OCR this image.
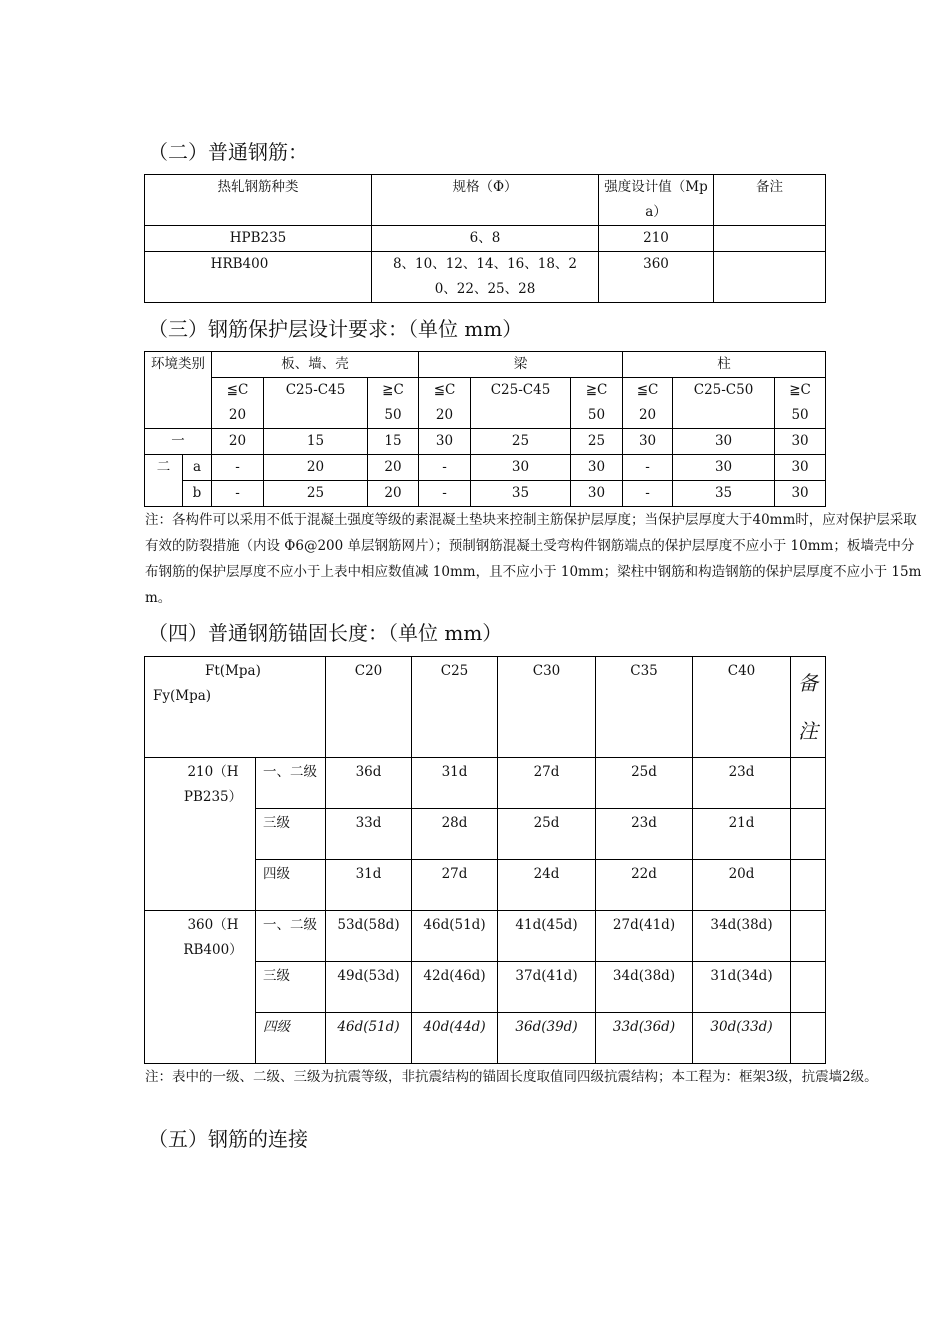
（二）普通钢筋：
热轧钢筋种类	规格（Φ）	强度设计值（Mpa）	备注
HPB235	6、8	210	
HRB400	8、10、12、14、16、18、20、22、25、28	360	
（三）钢筋保护层设计要求：（单位 mm）
环境类别		板、墙、壳			梁			柱		
		≦C20	C25-C45	≧C50	≦C20	C25-C45	≧C50	≦C20	C25-C50	≧C50
一		20	15	15	30	25	25	30	30	30
二	a	-	20	20	-	30	30	-	30	30
	b	-	25	20	-	35	30	-	35	30
注：各构件可以采用不低于混凝土强度等级的素混凝土垫块来控制主筋保护层厚度；当保护层厚度大于40mm时，应对保护层采取有效的防裂措施（内设 Φ6@200 单层钢筋网片）；预制钢筋混凝土受弯构件钢筋端点的保护层厚度不应小于 10mm；板墙壳中分布钢筋的保护层厚度不应小于上表中相应数值减 10mm，且不应小于 10mm；梁柱中钢筋和构造钢筋的保护层厚度不应小于 15mm。
（四）普通钢筋锚固长度：（单位 mm）
Ft(Mpa)
Fy(Mpa)		C20	C25	C30	C35	C40	备注
210（HPB235）	一、二级	36d	31d	27d	25d	23d	
	三级	33d	28d	25d	23d	21d	
	四级	31d	27d	24d	22d	20d	
360（HRB400）	一、二级	53d(58d)	46d(51d)	41d(45d)	27d(41d)	34d(38d)	
	三级	49d(53d)	42d(46d)	37d(41d)	34d(38d)	31d(34d)	
	四级	46d(51d)	40d(44d)	36d(39d)	33d(36d)	30d(33d)	
注：表中的一级、二级、三级为抗震等级，非抗震结构的锚固长度取值同四级抗震结构；本工程为：框架3级，抗震墙2级。
（五）钢筋的连接
